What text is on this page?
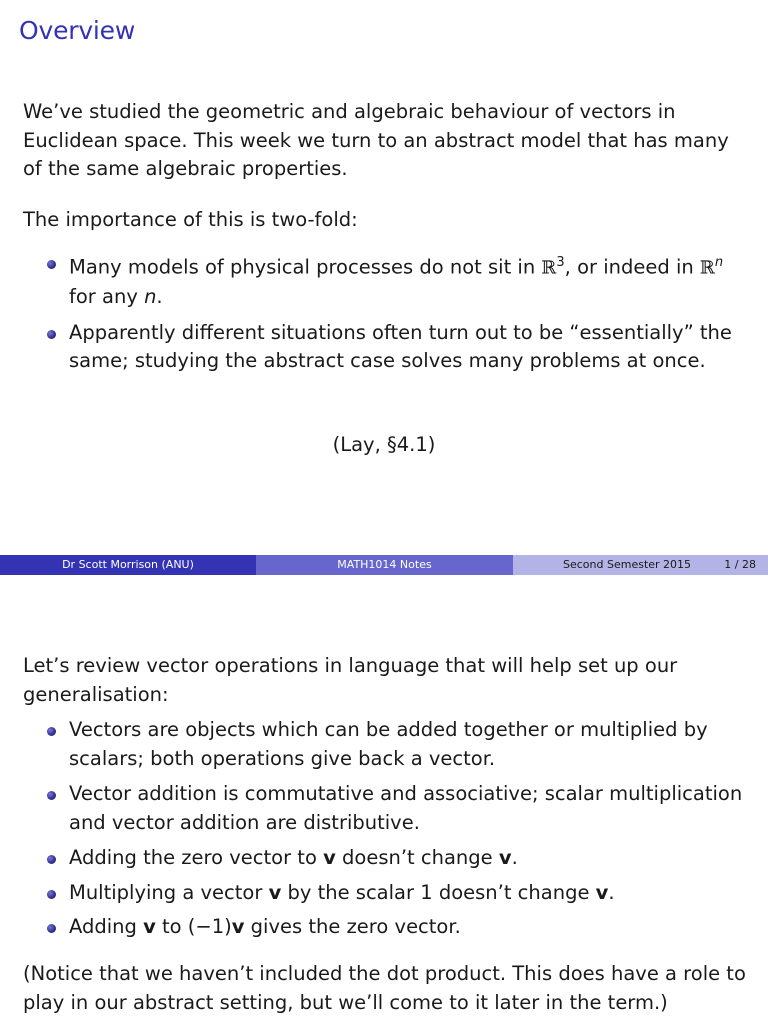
Overview

We’ve studied the geometric and algebraic behaviour of vectors in Euclidean space. This week we turn to an abstract model that has many of the same algebraic properties.

The importance of this is two-fold:

Many models of physical processes do not sit in ℝ$^3$, or indeed in ℝ$^n$ for any n.
Apparently different situations often turn out to be “essentially” the same; studying the abstract case solves many problems at once.
(Lay, §4.1)
Dr Scott Morrison (ANU)	MATH1014 Notes	Second Semester 2015	1 / 28

Let’s review vector operations in language that will help set up our generalisation:

Vectors are objects which can be added together or multiplied by scalars; both operations give back a vector.
Vector addition is commutative and associative; scalar multiplication and vector addition are distributive.
Adding the zero vector to v doesn’t change v.
Multiplying a vector v by the scalar 1 doesn’t change v.
Adding v to (−1)v gives the zero vector.

(Notice that we haven’t included the dot product. This does have a role to play in our abstract setting, but we’ll come to it later in the term.)
